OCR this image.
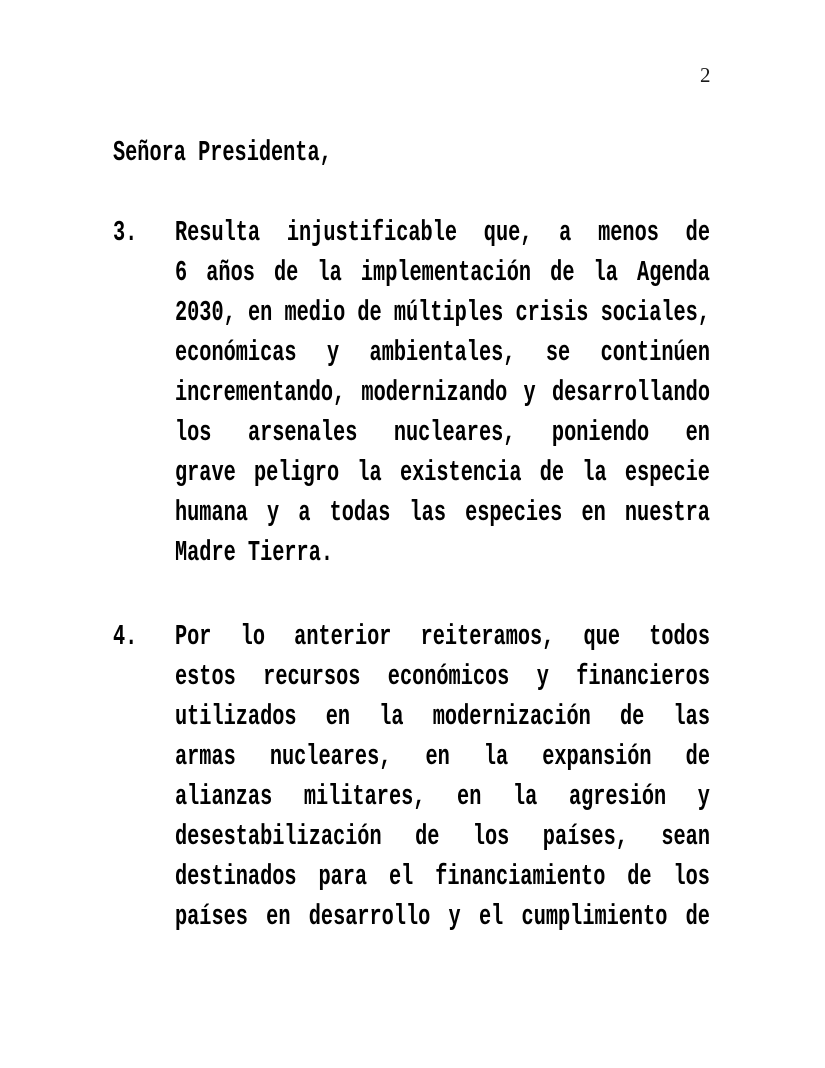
2
Señora Presidenta,
3.	Resulta injustificable que, a menos de
6 años de la implementación de la Agenda
2030, en medio de múltiples crisis sociales,
económicas y ambientales, se continúen
incrementando, modernizando y desarrollando
los arsenales nucleares, poniendo en
grave peligro la existencia de la especie
humana y a todas las especies en nuestra
Madre Tierra.
4.	Por lo anterior reiteramos, que todos
estos recursos económicos y financieros
utilizados en la modernización de las
armas nucleares, en la expansión de
alianzas militares, en la agresión y
desestabilización de los países, sean
destinados para el financiamiento de los
países en desarrollo y el cumplimiento de
